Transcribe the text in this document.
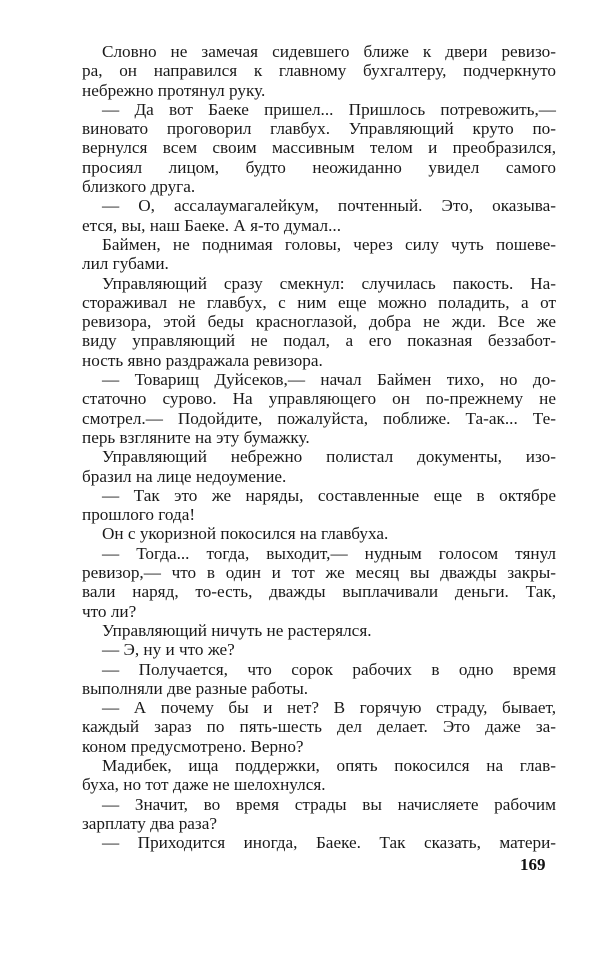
Словно не замечая сидевшего ближе к двери ревизо-
ра, он направился к главному бухгалтеру, подчеркнуто
небрежно протянул руку.
— Да вот Баеке пришел... Пришлось потревожить,—
виновато проговорил главбух. Управляющий круто по-
вернулся всем своим массивным телом и преобразился,
просиял лицом, будто неожиданно увидел самого
близкого друга.
— О, ассалаумагалейкум, почтенный. Это, оказыва-
ется, вы, наш Баеке. А я-то думал...
Баймен, не поднимая головы, через силу чуть пошеве-
лил губами.
Управляющий сразу смекнул: случилась пакость. На-
стораживал не главбух, с ним еще можно поладить, а от
ревизора, этой беды красноглазой, добра не жди. Все же
виду управляющий не подал, а его показная беззабот-
ность явно раздражала ревизора.
— Товарищ Дуйсеков,— начал Баймен тихо, но до-
статочно сурово. На управляющего он по-прежнему не
смотрел.— Подойдите, пожалуйста, поближе. Та-ак... Те-
перь взгляните на эту бумажку.
Управляющий небрежно полистал документы, изо-
бразил на лице недоумение.
— Так это же наряды, составленные еще в октябре
прошлого года!
Он с укоризной покосился на главбуха.
— Тогда... тогда, выходит,— нудным голосом тянул
ревизор,— что в один и тот же месяц вы дважды закры-
вали наряд, то-есть, дважды выплачивали деньги. Так,
что ли?
Управляющий ничуть не растерялся.
— Э, ну и что же?
— Получается, что сорок рабочих в одно время
выполняли две разные работы.
— А почему бы и нет? В горячую страду, бывает,
каждый зараз по пять-шесть дел делает. Это даже за-
коном предусмотрено. Верно?
Мадибек, ища поддержки, опять покосился на глав-
буха, но тот даже не шелохнулся.
— Значит, во время страды вы начисляете рабочим
зарплату два раза?
— Приходится иногда, Баеке. Так сказать, матери-
169
